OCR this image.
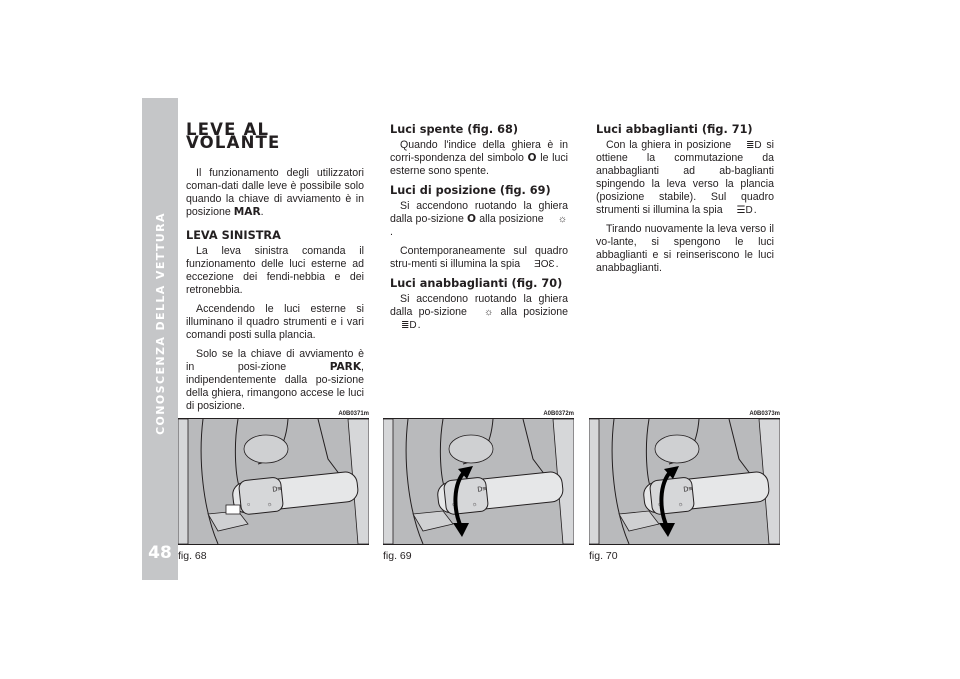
CONOSCENZA DELLA VETTURA
48
LEVE AL VOLANTE

Il funzionamento degli utilizzatori coman-dati dalle leve è possibile solo quando la chiave di avviamento è in posizione MAR.

LEVA SINISTRA

La leva sinistra comanda il funzionamento delle luci esterne ad eccezione dei fendi-nebbia e dei retronebbia.

Accendendo le luci esterne si illuminano il quadro strumenti e i vari comandi posti sulla plancia.

Solo se la chiave di avviamento è in posi-zione PARK, indipendentemente dalla po-sizione della ghiera, rimangono accese le luci di posizione.

Luci spente (fig. 68)

Quando l'indice della ghiera è in corri-spondenza del simbolo O le luci esterne sono spente.

Luci di posizione (fig. 69)

Si accendono ruotando la ghiera dalla po-sizione O alla posizione ☼.

Contemporaneamente sul quadro stru-menti si illumina la spia ƎOƐ.

Luci anabbaglianti (fig. 70)

Si accendono ruotando la ghiera dalla po-sizione ☼ alla posizione ≣D.

Luci abbaglianti (fig. 71)

Con la ghiera in posizione ≣D si ottiene la commutazione da anabbaglianti ad ab-baglianti spingendo la leva verso la plancia (posizione stabile). Sul quadro strumenti si illumina la spia ☰D.

Tirando nuovamente la leva verso il vo-lante, si spengono le luci abbaglianti e si reinseriscono le luci anabbaglianti.

A0B0371m
D≡
○	☼
fig. 68
A0B0372m
D≡
○	☼
fig. 69
A0B0373m
D≡
○	☼
fig. 70
